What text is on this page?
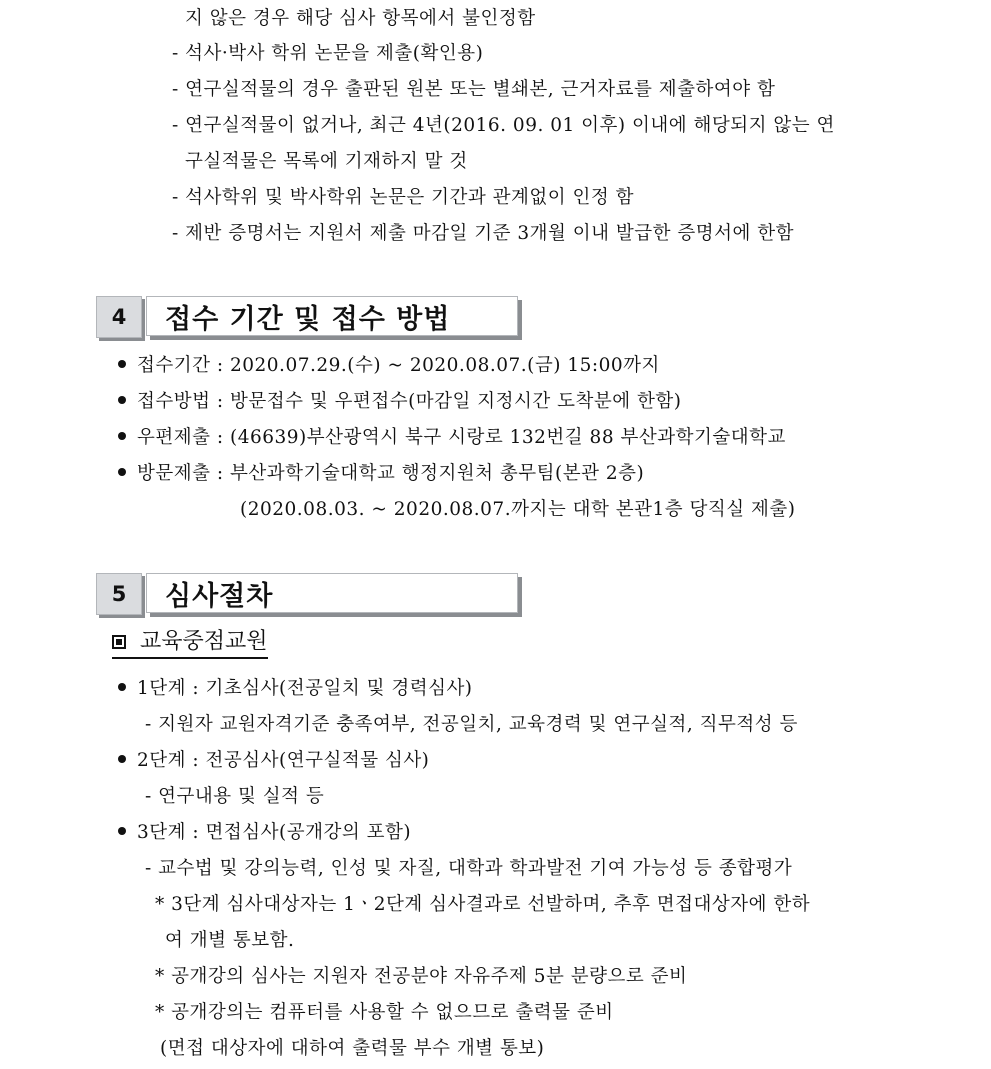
지 않은 경우 해당 심사 항목에서 불인정함
- 석사·박사 학위 논문을 제출(확인용)
- 연구실적물의 경우 출판된 원본 또는 별쇄본, 근거자료를 제출하여야 함
- 연구실적물이 없거나, 최근 4년(2016. 09. 01 이후) 이내에 해당되지 않는 연
구실적물은 목록에 기재하지 말 것
- 석사학위 및 박사학위 논문은 기간과 관계없이 인정 함
- 제반 증명서는 지원서 제출 마감일 기준 3개월 이내 발급한 증명서에 한함
4	접수 기간 및 접수 방법
접수기간 : 2020.07.29.(수) ~ 2020.08.07.(금) 15:00까지
접수방법 : 방문접수 및 우편접수(마감일 지정시간 도착분에 한함)
우편제출 : (46639)부산광역시 북구 시랑로 132번길 88 부산과학기술대학교
방문제출 : 부산과학기술대학교 행정지원처 총무팀(본관 2층)
(2020.08.03. ~ 2020.08.07.까지는 대학 본관1층 당직실 제출)
5	심사절차
교육중점교원
1단계 : 기초심사(전공일치 및 경력심사)
- 지원자 교원자격기준 충족여부, 전공일치, 교육경력 및 연구실적, 직무적성 등
2단계 : 전공심사(연구실적물 심사)
- 연구내용 및 실적 등
3단계 : 면접심사(공개강의 포함)
- 교수법 및 강의능력, 인성 및 자질, 대학과 학과발전 기여 가능성 등 종합평가
* 3단계 심사대상자는 1ㆍ2단계 심사결과로 선발하며, 추후 면접대상자에 한하
여 개별 통보함.
* 공개강의 심사는 지원자 전공분야 자유주제 5분 분량으로 준비
* 공개강의는 컴퓨터를 사용할 수 없으므로 출력물 준비
(면접 대상자에 대하여 출력물 부수 개별 통보)
